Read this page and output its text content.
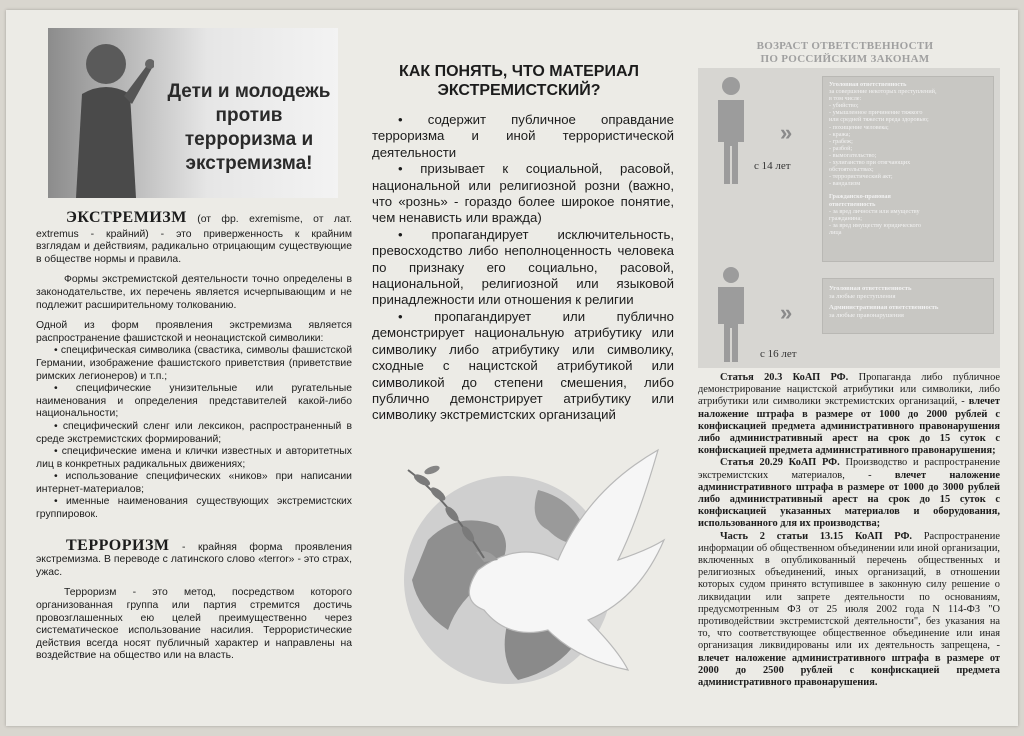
Дети и молодежь против терроризма и экстремизма!

ЭКСТРЕМИЗМ (от фр. exremisme, от лат.

extremus - крайний) - это приверженность к крайним

взглядам и действиям, радикально отрицающим существующие в обществе нормы и правила.

Формы экстремистской деятельности точно определены в законодательстве, их перечень является исчерпывающим и не подлежит расширительному толкованию.

Одной из форм проявления экстремизма является распространение фашистской и неонацистской символики:

• специфическая символика (свастика, символы фашистской Германии, изображение фашистского приветствия (приветствие римских легионеров) и т.п.;

• специфические унизительные или ругательные наименования и определения представителей какой-либо национальности;

• специфический сленг или лексикон, распространенный в среде экстремистских формирований;

• специфические имена и клички известных и авторитетных лиц в конкретных радикальных движениях;

• использование специфических «ников» при написании интернет-материалов;

• именные наименования существующих экстремистских группировок.

ТЕРРОРИЗМ - крайняя форма проявления

экстремизма. В переводе с латинского слово «terror» - это страх, ужас.

Терроризм - это метод, посредством которого организованная группа или партия стремится достичь провозглашенных ею целей преимущественно через систематическое использование насилия. Террористические действия всегда носят публичный характер и направлены на воздействие на общество или на власть.

КАК ПОНЯТЬ, ЧТО МАТЕРИАЛ

ЭКСТРЕМИСТСКИЙ?

• содержит публичное оправдание терроризма и иной террористической деятельности

• призывает к социальной, расовой, национальной или религиозной розни (важно, что «рознь» - гораздо более широкое понятие, чем ненависть или вражда)

• пропагандирует исключительность, превосходство либо неполноценность человека по признаку его социально, расовой, национальной, религиозной или языковой принадлежности или отношения к религии

• пропагандирует или публично демонстрирует национальную атрибутику или символику либо атрибутику или символику, сходные с нацистской атрибутикой или символикой до степени смешения, либо публично демонстрирует атрибутику или символику экстремистских организаций

ВОЗРАСТ ОТВЕТСТВЕННОСТИ
ПО РОССИЙСКИМ ЗАКОНАМ
»
с 14 лет
Уголовная ответственность
за совершение некоторых преступлений,
в том числе:
- убийство;
- умышленное причинение тяжкого
или средней тяжести вреда здоровью;
- похищение человека;
- кража;
- грабеж;
- разбой;
- вымогательство;
- хулиганство при отягчающих
обстоятельствах;
- террористический акт;
- вандализм
Гражданско-правовая
ответственность
- за вред личности или имуществу
гражданина;
- за вред имуществу юридического
лица
»
с 16 лет
Уголовная ответственность
за любые преступления
Административная ответственность
за любые правонарушения

Статья 20.3 КоАП РФ. Пропаганда либо публичное демонстрирование нацистской атрибутики или символики, либо атрибутики или символики экстремистских организаций, - влечет наложение штрафа в размере от 1000 до 2000 рублей с конфискацией предмета административного правонарушения либо административный арест на срок до 15 суток с конфискацией предмета административного правонарушения;

Статья 20.29 КоАП РФ. Производство и распространение экстремистских материалов, - влечет наложение административного штрафа в размере от 1000 до 3000 рублей либо административный арест на срок до 15 суток с конфискацией указанных материалов и оборудования, использованного для их производства;

Часть 2 статьи 13.15 КоАП РФ. Распространение информации об общественном объединении или иной организации, включенных в опубликованный перечень общественных и религиозных объединений, иных организаций, в отношении которых судом принято вступившее в законную силу решение о ликвидации или запрете деятельности по основаниям, предусмотренным ФЗ от 25 июля 2002 года N 114-ФЗ "О противодействии экстремистской деятельности", без указания на то, что соответствующее общественное объединение или иная организация ликвидированы или их деятельность запрещена, - влечет наложение административного штрафа в размере от 2000 до 2500 рублей с конфискацией предмета административного правонарушения.
